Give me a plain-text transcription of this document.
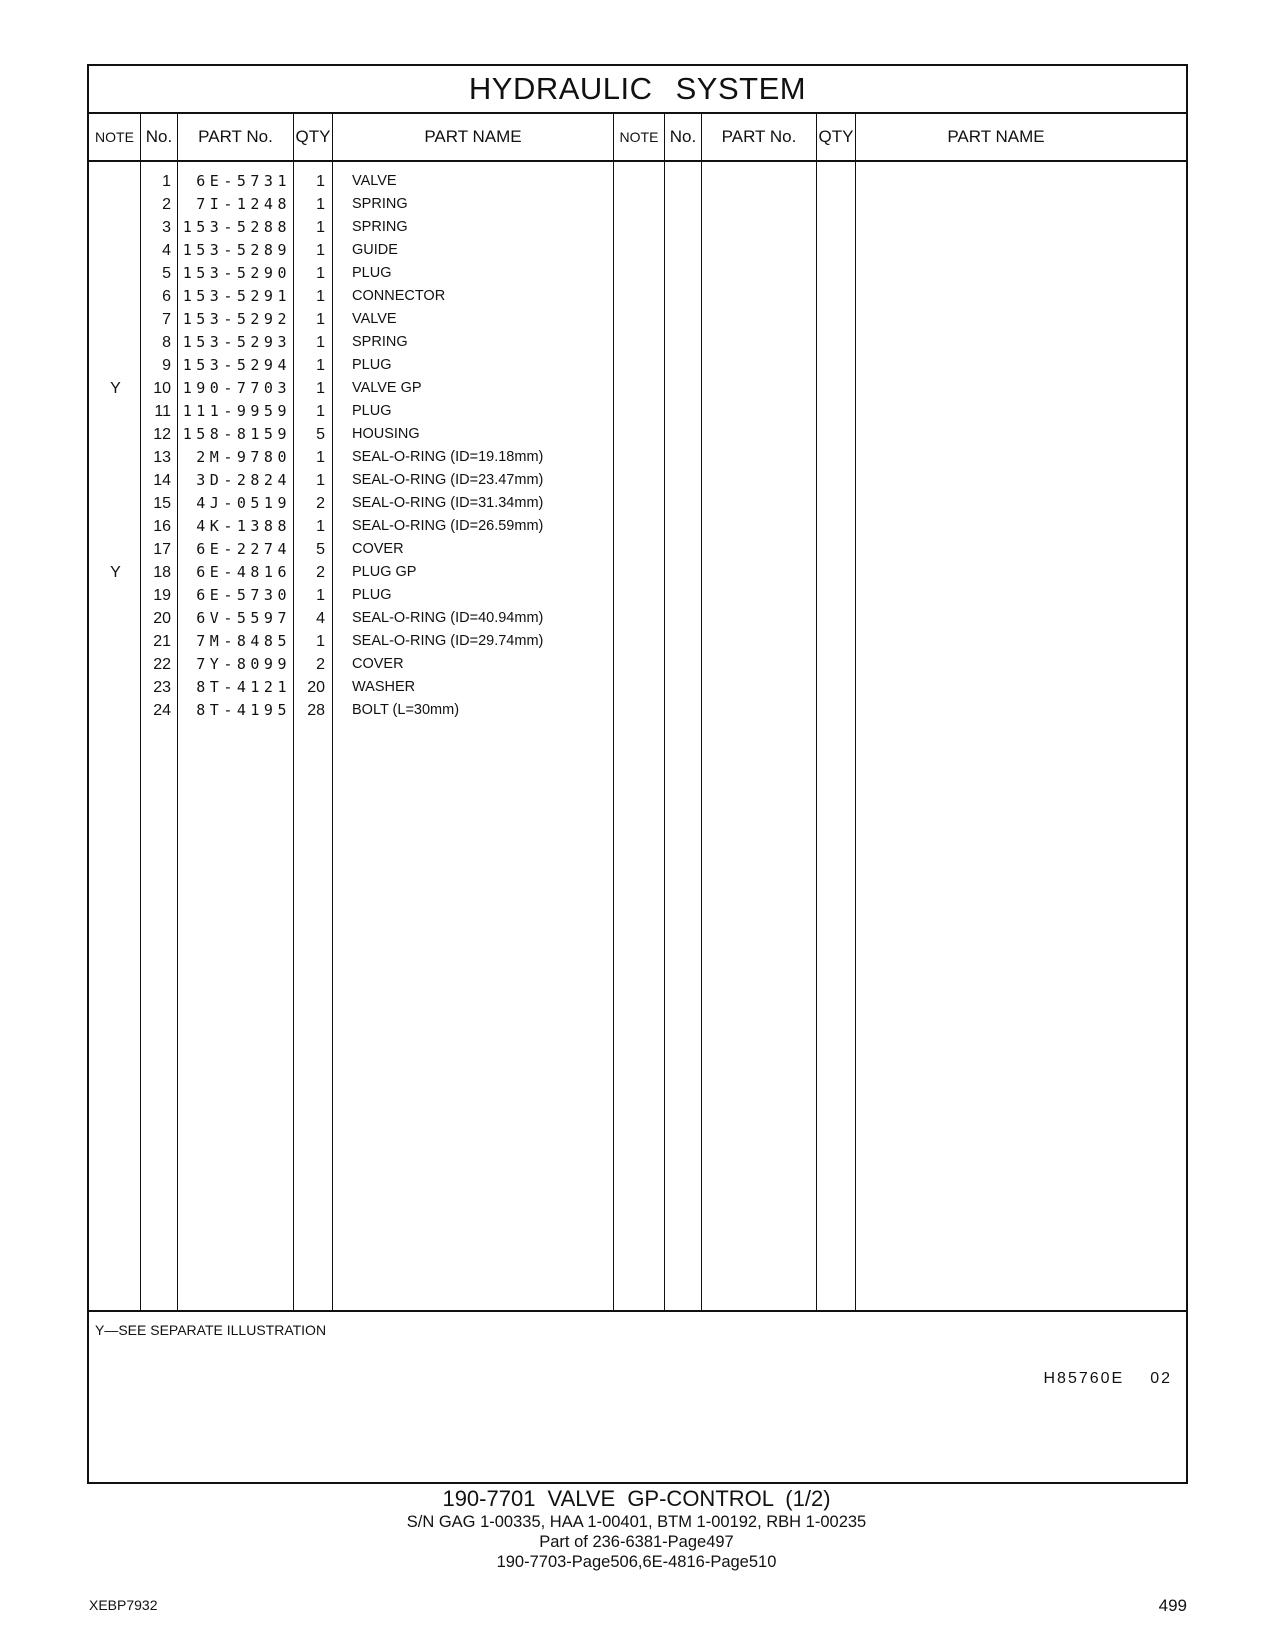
HYDRAULIC SYSTEM
NOTE No.	PART No.	QTY	PART NAME	NOTE No.	PART No.	QTY	PART NAME
1	6E-5731	1 VALVE
2	7I-1248	1 SPRING
3 153-5288	1 SPRING
4 153-5289	1 GUIDE
5 153-5290	1 PLUG
6 153-5291	1 CONNECTOR
7 153-5292	1 VALVE
8 153-5293	1 SPRING
9 153-5294	1 PLUG
Y	10 190-7703	1 VALVE GP
11 111-9959	1 PLUG
12 158-8159	5 HOUSING
13	2M-9780	1 SEAL-O-RING (ID=19.18mm)
14	3D-2824	1 SEAL-O-RING (ID=23.47mm)
15	4J-0519	2 SEAL-O-RING (ID=31.34mm)
16	4K-1388	1 SEAL-O-RING (ID=26.59mm)
17	6E-2274	5 COVER
Y	18	6E-4816	2 PLUG GP
19	6E-5730	1 PLUG
20	6V-5597	4 SEAL-O-RING (ID=40.94mm)
21	7M-8485	1 SEAL-O-RING (ID=29.74mm)
22	7Y-8099	2 COVER
23	8T-4121	20 WASHER
24	8T-4195	28 BOLT (L=30mm)
Y—SEE SEPARATE ILLUSTRATION
H85760E 02
190-7701 VALVE GP-CONTROL (1/2)
S/N GAG 1-00335, HAA 1-00401, BTM 1-00192, RBH 1-00235
Part of 236-6381-Page497
190-7703-Page506,6E-4816-Page510
XEBP7932	499
